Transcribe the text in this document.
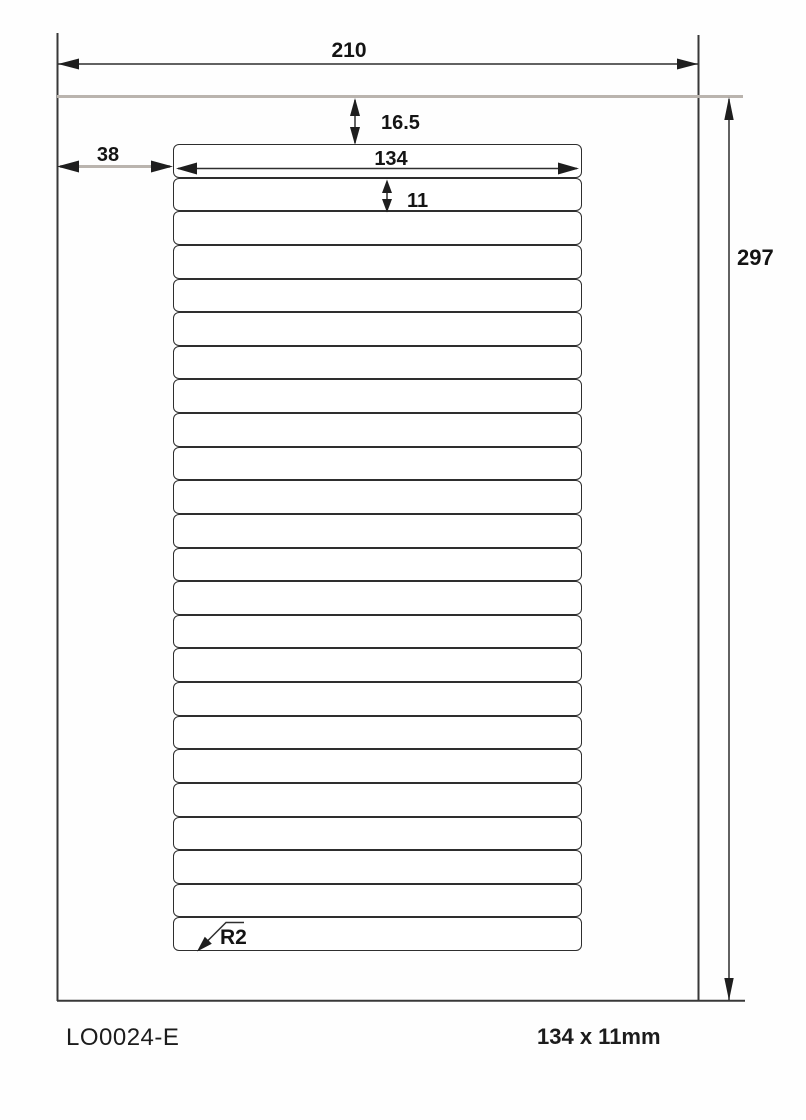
210
297
38
16.5
134
11
R2
LO0024-E	134 x 11mm
